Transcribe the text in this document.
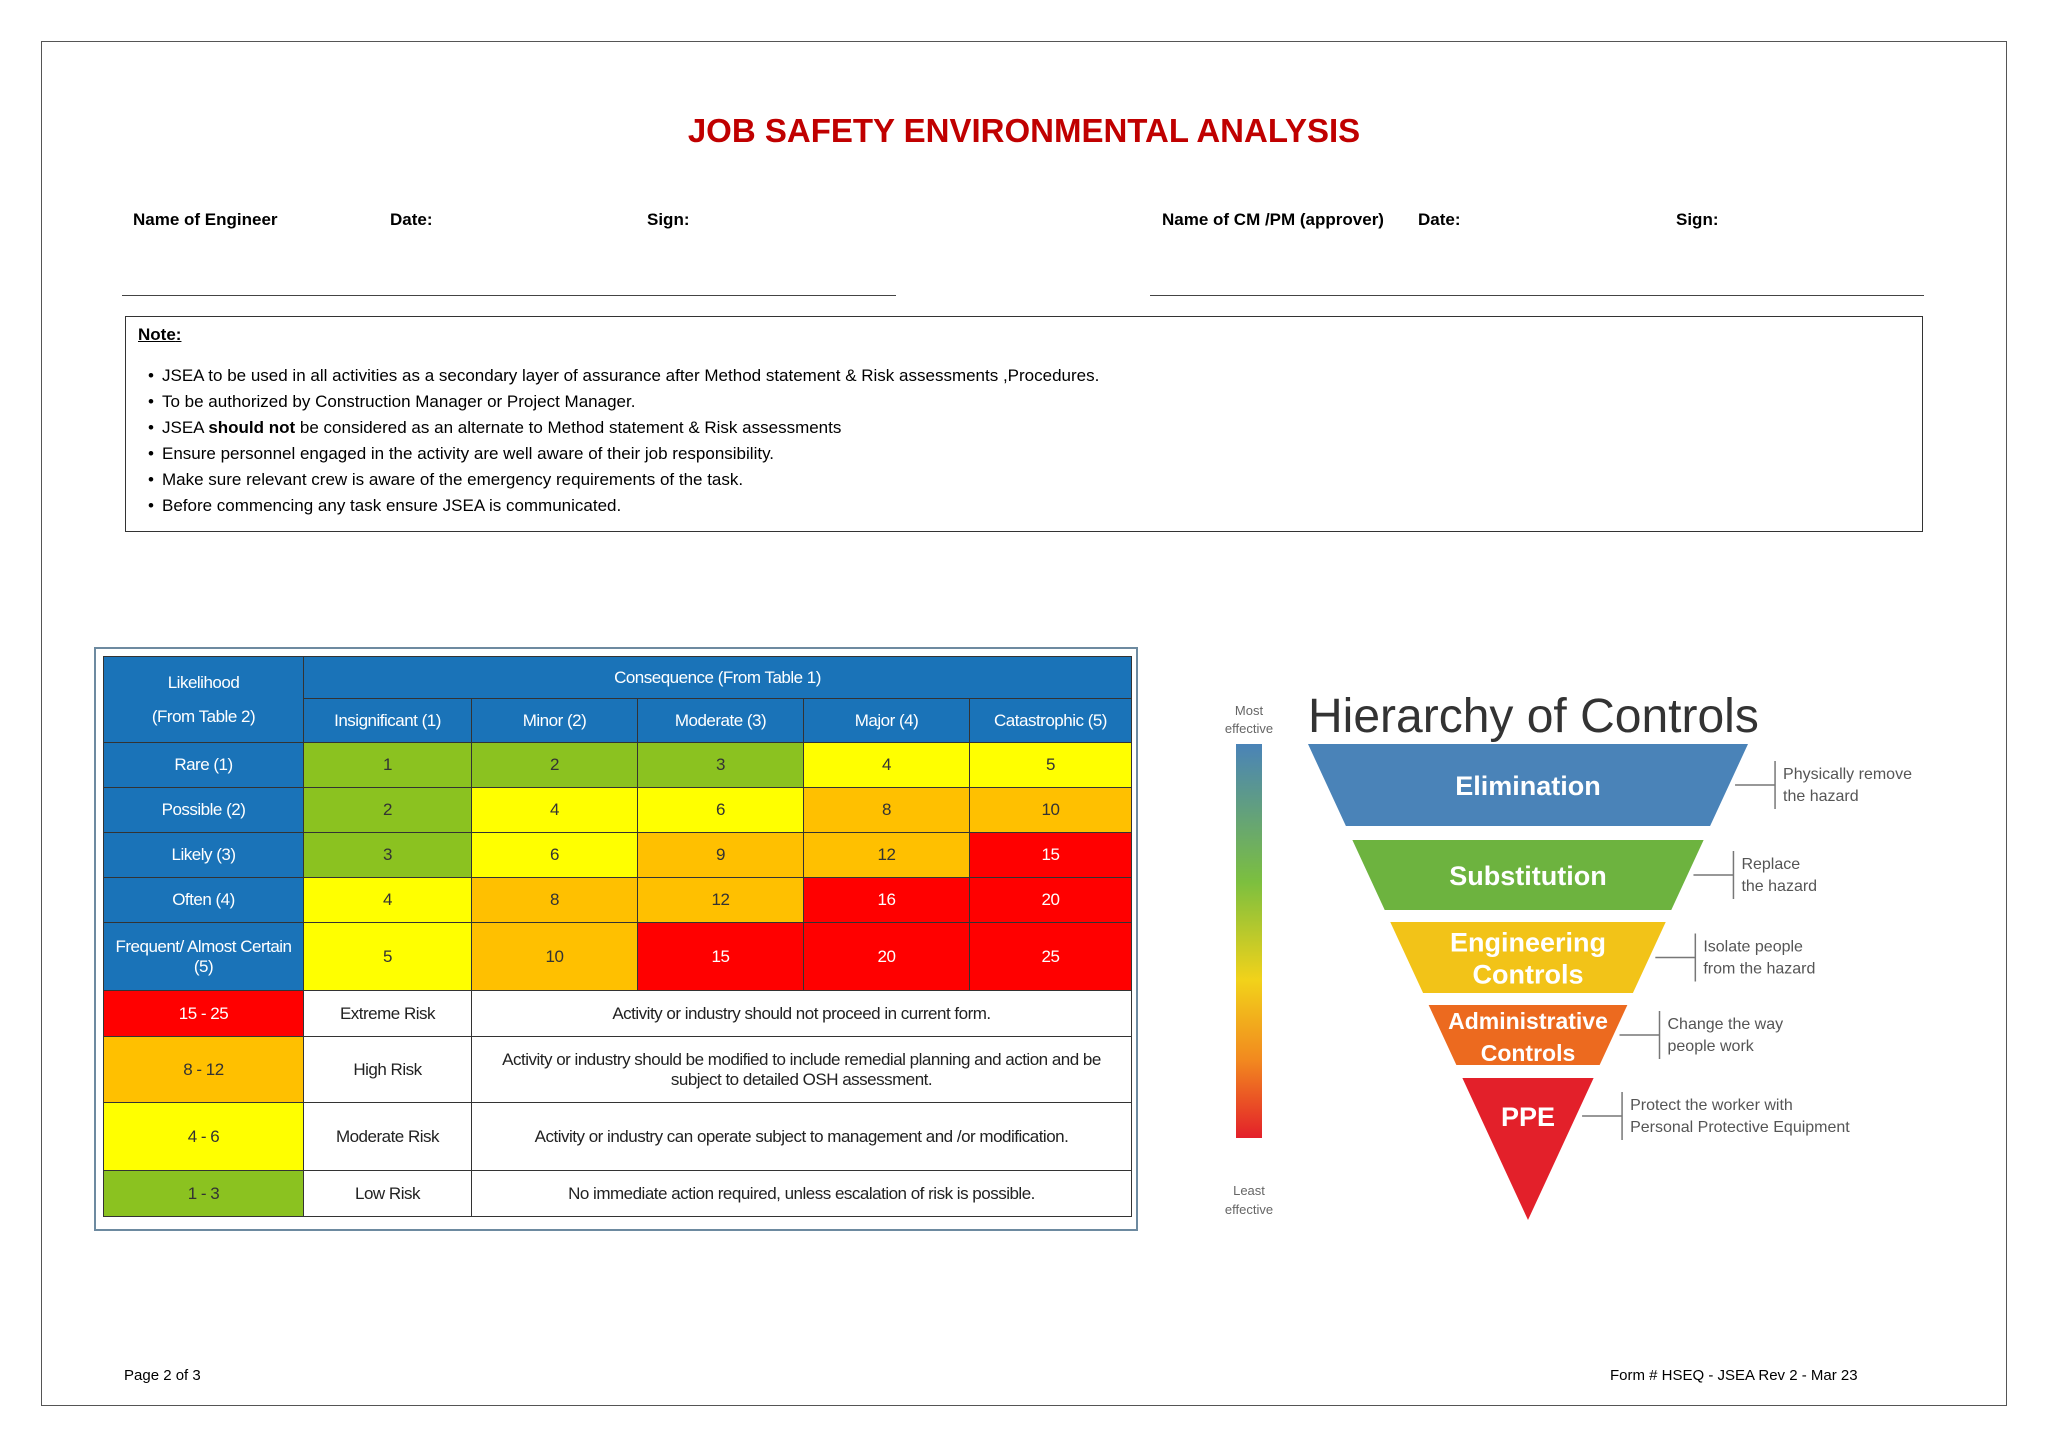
JOB SAFETY ENVIRONMENTAL ANALYSIS
Name of Engineer	Date:	Sign:	Name of CM /PM (approver) Date:	Sign:
Note:
• JSEA to be used in all activities as a secondary layer of assurance after Method statement & Risk assessments ,Procedures.
• To be authorized by Construction Manager or Project Manager.
• JSEA should not be considered as an alternate to Method statement & Risk assessments
• Ensure personnel engaged in the activity are well aware of their job responsibility.
• Make sure relevant crew is aware of the emergency requirements of the task.
• Before commencing any task ensure JSEA is communicated.
Likelihood
(From Table 2)	Consequence (From Table 1)				
	Insignificant (1)	Minor (2)	Moderate (3)	Major (4)	Catastrophic (5)
Rare (1)	1	2	3	4	5
Possible (2)	2	4	6	8	10
Likely (3)	3	6	9	12	15
Often (4)	4	8	12	16	20
Frequent/ Almost Certain (5)	5	10	15	20	25
15 - 25	Extreme Risk	Activity or industry should not proceed in current form.			
8 - 12	High Risk	Activity or industry should be modified to include remedial planning and action and be subject to detailed OSH assessment.			
4 - 6	Moderate Risk	Activity or industry can operate subject to management and /or modification.			
1 - 3	Low Risk	No immediate action required, unless escalation of risk is possible.			
Most
effective
Least
effective
Hierarchy of Controls
Elimination	Physically remove
the hazard
Substitution	Replace
the hazard
Engineering
Controls
Isolate people
from the hazard
Administrative
Controls
Change the way
people work
PPE	Protect the worker with
Personal Protective Equipment
Page 2 of 3	Form # HSEQ - JSEA Rev 2 - Mar 23
